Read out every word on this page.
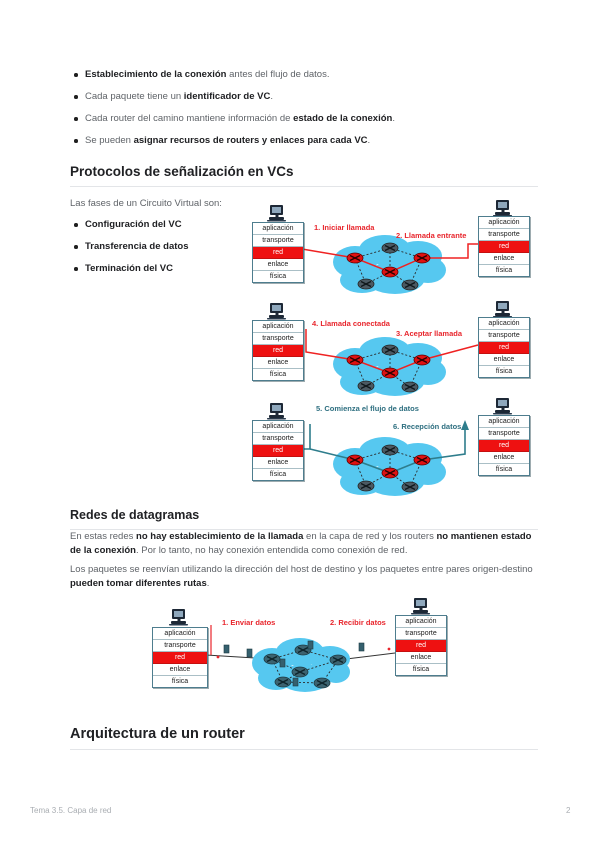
Establecimiento de la conexión antes del flujo de datos.
Cada paquete tiene un identificador de VC.
Cada router del camino mantiene información de estado de la conexión.
Se pueden asignar recursos de routers y enlaces para cada VC.
Protocolos de señalización en VCs
Las fases de un Circuito Virtual son:
Configuración del VC
Transferencia de datos
Terminación del VC
aplicación
transporte
red
enlace
física
aplicación
transporte
red
enlace
física
1. Iniciar llamada
2. Llamada entrante
aplicación
transporte
red
enlace
física
aplicación
transporte
red
enlace
física
4. Llamada conectada
3. Aceptar llamada
aplicación
transporte
red
enlace
física
aplicación
transporte
red
enlace
física
5. Comienza el flujo de datos
6. Recepción datos
Redes de datagramas

En estas redes no hay establecimiento de la llamada en la capa de red y los routers no mantienen estado de la conexión. Por lo tanto, no hay conexión entendida como conexión de red.

Los paquetes se reenvían utilizando la dirección del host de destino y los paquetes entre pares origen-destino pueden tomar diferentes rutas.

aplicación
transporte
red
enlace
física
aplicación
transporte
red
enlace
física
1. Enviar datos	2. Recibir datos
Arquitectura de un router
Tema 3.5. Capa de red	2
